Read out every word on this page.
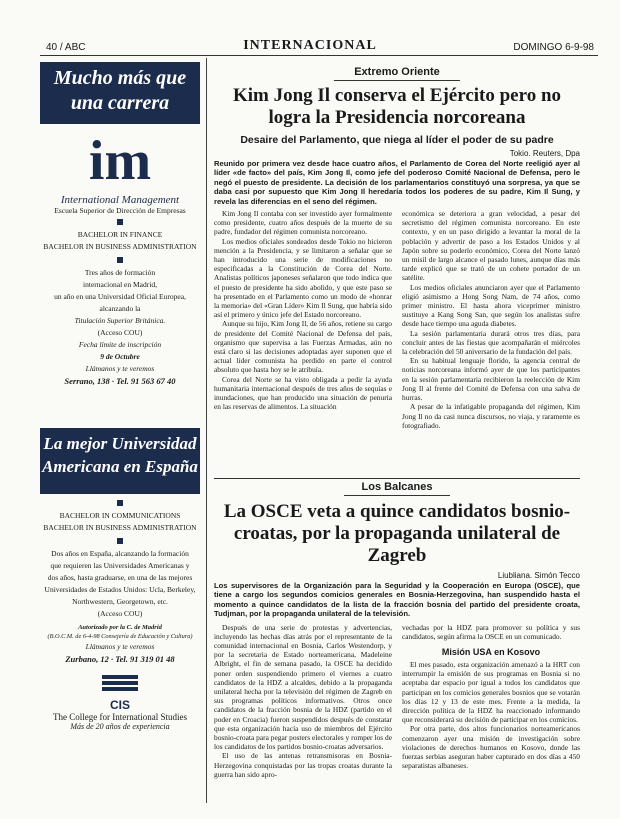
40 / ABC	INTERNACIONAL	DOMINGO 6-9-98
Mucho más que una carrera
im
International Management
Escuela Superior de Dirección de Empresas
BACHELOR IN FINANCE
BACHELOR IN BUSINESS ADMINISTRATION
Tres años de formación
internacional en Madrid,
un año en una Universidad Oficial Europea,
alcanzando la
Titulación Superior Británica.
(Acceso COU)
Fecha límite de inscripción
9 de Octubre
Llámanos y te veremos
Serrano, 138 · Tel. 91 563 67 40
La mejor Universidad Americana en España
BACHELOR IN COMMUNICATIONS
BACHELOR IN BUSINESS ADMINISTRATION
Dos años en España, alcanzando la formación
que requieren las Universidades Americanas y
dos años, hasta graduarse, en una de las mejores
Universidades de Estados Unidos: Ucla, Berkeley,
Northwestern, Georgetown, etc.
(Acceso COU)
Autorizado por la C. de Madrid
(B.O.C.M. de 6-4-98 Consejería de Educación y Cultura)
Llámanos y te veremos
Zurbano, 12 · Tel. 91 319 01 48
CIS
The College for International Studies
Más de 20 años de experiencia
Extremo Oriente
Kim Jong Il conserva el Ejército pero no logra la Presidencia norcoreana
Desaire del Parlamento, que niega al líder el poder de su padre
Tokio. Reuters, Dpa
Reunido por primera vez desde hace cuatro años, el Parlamento de Corea del Norte reeligió ayer al líder «de facto» del país, Kim Jong Il, como jefe del poderoso Comité Nacional de Defensa, pero le negó el puesto de presidente. La decisión de los parlamentarios constituyó una sorpresa, ya que se daba casi por supuesto que Kim Jong Il heredaría todos los poderes de su padre, Kim Il Sung, y revela las diferencias en el seno del régimen.

Kim Jong Il contaba con ser investido ayer formalmente como presidente, cuatro años después de la muerte de su padre, fundador del régimen comunista norcoreano.

Los medios oficiales sondeados desde Tokio no hicieron mención a la Presidencia, y se limitaron a señalar que se han introducido una serie de modificaciones no especificadas a la Constitución de Corea del Norte. Analistas políticos japoneses señalaron que todo indica que el puesto de presidente ha sido abolido, y que este paso se ha presentado en el Parlamento como un modo de «honrar la memoria» del «Gran Líder» Kim Il Sung, que habría sido así el primero y único jefe del Estado norcoreano.

Aunque su hijo, Kim Jong Il, de 56 años, retiene su cargo de presidente del Comité Nacional de Defensa del país, organismo que supervisa a las Fuerzas Armadas, aún no está claro si las decisiones adoptadas ayer suponen que el actual líder comunista ha perdido en parte el control absoluto que hasta hoy se le atribuía.

Corea del Norte se ha visto obligada a pedir la ayuda humanitaria internacional después de tres años de sequías e inundaciones, que han producido una situación de penuria en las reservas de alimentos. La situación

económica se deteriora a gran velocidad, a pesar del secretismo del régimen comunista norcoreano. En este contexto, y en un paso dirigido a levantar la moral de la población y advertir de paso a los Estados Unidos y al Japón sobre su poderío económico, Corea del Norte lanzó un misil de largo alcance el pasado lunes, aunque días más tarde explicó que se trató de un cohete portador de un satélite.

Los medios oficiales anunciaron ayer que el Parlamento eligió asimismo a Hong Song Nam, de 74 años, como primer ministro. El hasta ahora viceprimer ministro sustituye a Kang Song San, que según los analistas sufre desde hace tiempo una aguda diabetes.

La sesión parlamentaria durará otros tres días, para concluir antes de las fiestas que acompañarán el miércoles la celebración del 50 aniversario de la fundación del país.

En su habitual lenguaje florido, la agencia central de noticias norcoreana informó ayer de que los participantes en la sesión parlamentaria recibieron la reelección de Kim Jong Il al frente del Comité de Defensa con una salva de hurras.

A pesar de la infatigable propaganda del régimen, Kim Jong Il no da casi nunca discursos, no viaja, y raramente es fotografiado.

Los Balcanes
La OSCE veta a quince candidatos bosnio-croatas, por la propaganda unilateral de Zagreb
Liubliana. Simón Tecco
Los supervisores de la Organización para la Seguridad y la Cooperación en Europa (OSCE), que tiene a cargo los segundos comicios generales en Bosnia-Herzegovina, han suspendido hasta el momento a quince candidatos de la lista de la fracción bosnia del partido del presidente croata, Tudjman, por la propaganda unilateral de la televisión.

Después de una serie de protestas y advertencias, incluyendo las hechas días atrás por el representante de la comunidad internacional en Bosnia, Carlos Westendorp, y por la secretaria de Estado norteamericana, Madeleine Albright, el fin de semana pasado, la OSCE ha decidido poner orden suspendiendo primero el viernes a cuatro candidatos de la HDZ a alcaldes, debido a la propaganda unilateral hecha por la televisión del régimen de Zagreb en sus programas políticos informativos. Otros once candidatos de la fracción bosnia de la HDZ (partido en el poder en Croacia) fueron suspendidos después de constatar que esta organización hacía uso de miembros del Ejército bosnio-croata para pegar posters electorales y romper los de los candidatos de los partidos bosnio-croatas adversarios.

El uso de las antenas retransmisoras en Bosnia-Herzegovina conquistadas por las tropas croatas durante la guerra han sido apro-

vechadas por la HDZ para promover su política y sus candidatos, según afirma la OSCE en un comunicado.

Misión USA en Kosovo

El mes pasado, esta organización amenazó a la HRT con interrumpir la emisión de sus programas en Bosnia si no aceptaba dar espacio por igual a todos los candidatos que participan en los comicios generales bosnios que se votarán los días 12 y 13 de este mes. Frente a la medida, la dirección política de la HDZ ha reaccionado informando que reconsiderará su decisión de participar en los comicios.

Por otra parte, dos altos funcionarios norteamericanos comenzaron ayer una misión de investigación sobre violaciones de derechos humanos en Kosovo, donde las fuerzas serbias aseguran haber capturado en dos días a 450 separatistas albaneses.
